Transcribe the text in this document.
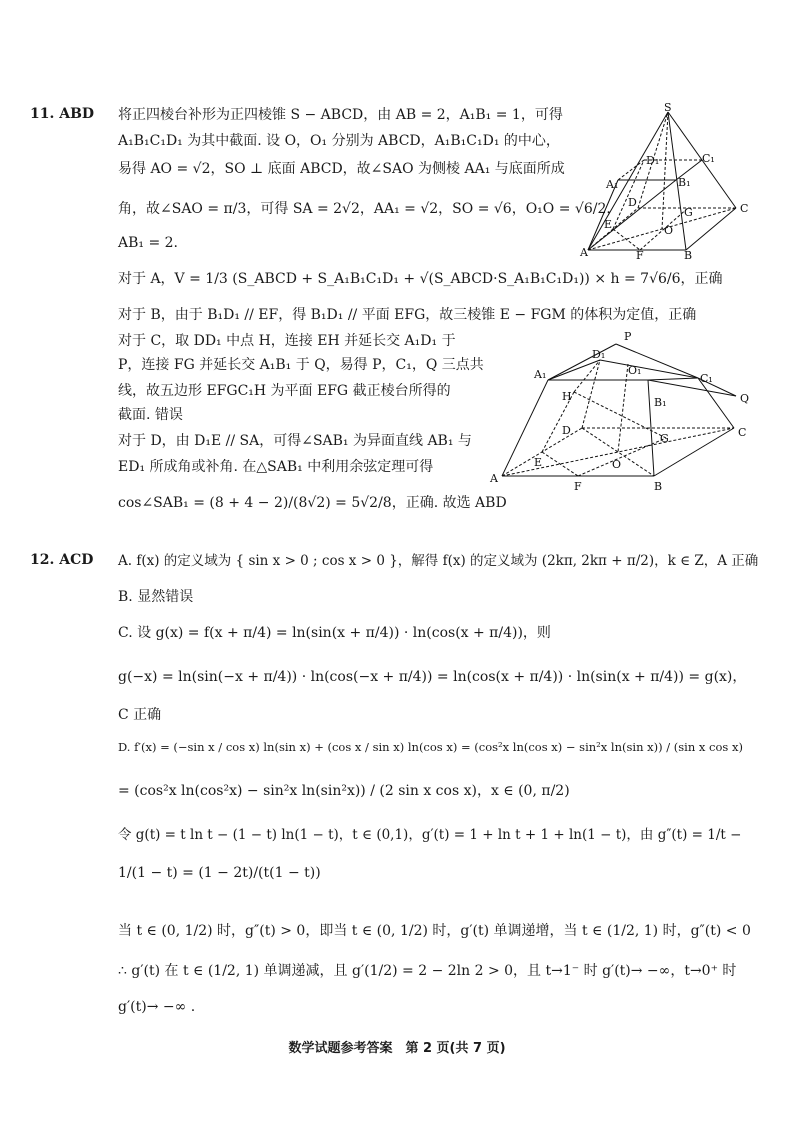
11. ABD 将正四棱台补形为正四棱锥 S − ABCD，由 AB = 2，A₁B₁ = 1，可得
A₁B₁C₁D₁ 为其中截面. 设 O，O₁ 分别为 ABCD，A₁B₁C₁D₁ 的中心，
易得 AO = √2，SO ⊥ 底面 ABCD，故∠SAO 为侧棱 AA₁ 与底面所成
角，故∠SAO = π/3，可得 SA = 2√2，AA₁ = √2，SO = √6，O₁O = √6/2，
AB₁ = 2.
对于 A，V = 1/3 (S_ABCD + S_A₁B₁C₁D₁ + √(S_ABCD·S_A₁B₁C₁D₁)) × h = 7√6/6，正确
对于 B，由于 B₁D₁ // EF，得 B₁D₁ // 平面 EFG，故三棱锥 E − FGM 的体积为定值，正确
对于 C，取 DD₁ 中点 H，连接 EH 并延长交 A₁D₁ 于
P，连接 FG 并延长交 A₁B₁ 于 Q，易得 P，C₁，Q 三点共
线，故五边形 EFGC₁H 为平面 EFG 截正棱台所得的
截面. 错误
对于 D，由 D₁E // SA，可得∠SAB₁ 为异面直线 AB₁ 与
ED₁ 所成角或补角. 在△SAB₁ 中利用余弦定理可得
cos∠SAB₁ = (8 + 4 − 2)/(8√2) = 5√2/8，正确. 故选 ABD
S
D₁	C₁
A₁	B₁
D
G	C
E	O
A	F	B
P
D₁
O₁
C₁
A₁
H	B₁	Q
D
G	C
E	O
A
F	B
12. ACD A. f(x) 的定义域为 { sin x > 0 ; cos x > 0 }，解得 f(x) 的定义域为 (2kπ, 2kπ + π/2)，k ∈ Z，A 正确
B. 显然错误
C. 设 g(x) = f(x + π/4) = ln(sin(x + π/4)) · ln(cos(x + π/4))，则
g(−x) = ln(sin(−x + π/4)) · ln(cos(−x + π/4)) = ln(cos(x + π/4)) · ln(sin(x + π/4)) = g(x)，
C 正确
D. f′(x) = (−sin x / cos x) ln(sin x) + (cos x / sin x) ln(cos x) = (cos²x ln(cos x) − sin²x ln(sin x)) / (sin x cos x)
= (cos²x ln(cos²x) − sin²x ln(sin²x)) / (2 sin x cos x)，x ∈ (0, π/2)
令 g(t) = t ln t − (1 − t) ln(1 − t)，t ∈ (0,1)，g′(t) = 1 + ln t + 1 + ln(1 − t)，由 g″(t) = 1/t −
1/(1 − t) = (1 − 2t)/(t(1 − t))
当 t ∈ (0, 1/2) 时，g″(t) > 0，即当 t ∈ (0, 1/2) 时，g′(t) 单调递增，当 t ∈ (1/2, 1) 时，g″(t) < 0
∴ g′(t) 在 t ∈ (1/2, 1) 单调递减，且 g′(1/2) = 2 − 2ln 2 > 0，且 t→1⁻ 时 g′(t)→ −∞，t→0⁺ 时
g′(t)→ −∞ .
数学试题参考答案　第 2 页(共 7 页)
